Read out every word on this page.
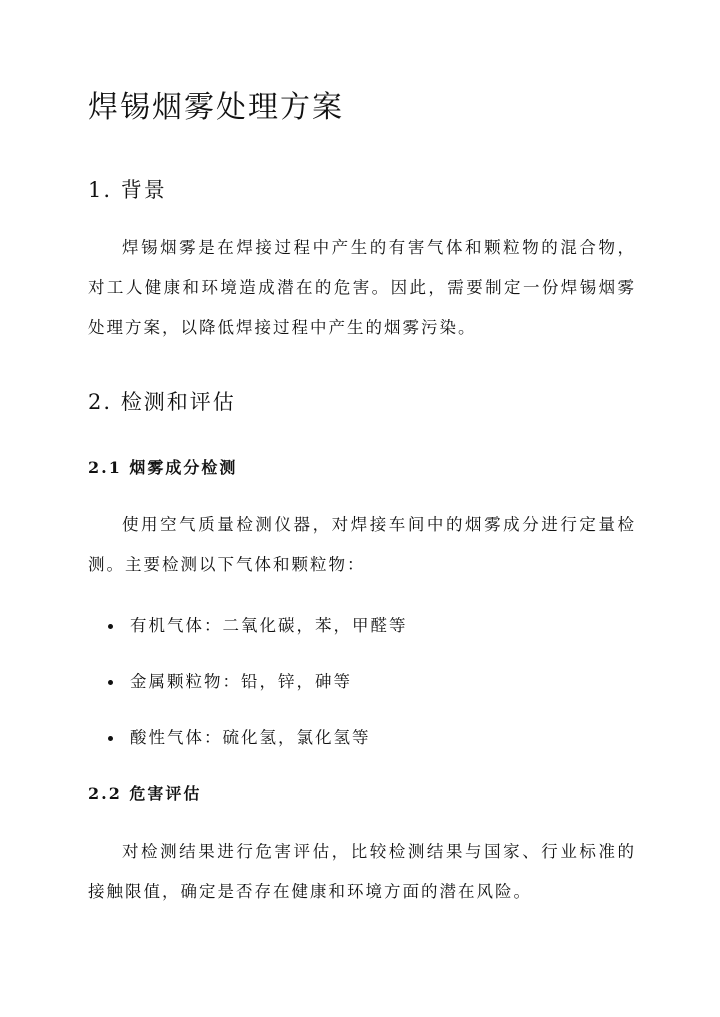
焊锡烟雾处理方案
1. 背景

焊锡烟雾是在焊接过程中产生的有害气体和颗粒物的混合物，对工人健康和环境造成潜在的危害。因此，需要制定一份焊锡烟雾处理方案，以降低焊接过程中产生的烟雾污染。

2. 检测和评估
2.1 烟雾成分检测

使用空气质量检测仪器，对焊接车间中的烟雾成分进行定量检测。主要检测以下气体和颗粒物：

有机气体：二氧化碳，苯，甲醛等
金属颗粒物：铅，锌，砷等
酸性气体：硫化氢，氯化氢等
2.2 危害评估

对检测结果进行危害评估，比较检测结果与国家、行业标准的接触限值，确定是否存在健康和环境方面的潜在风险。
